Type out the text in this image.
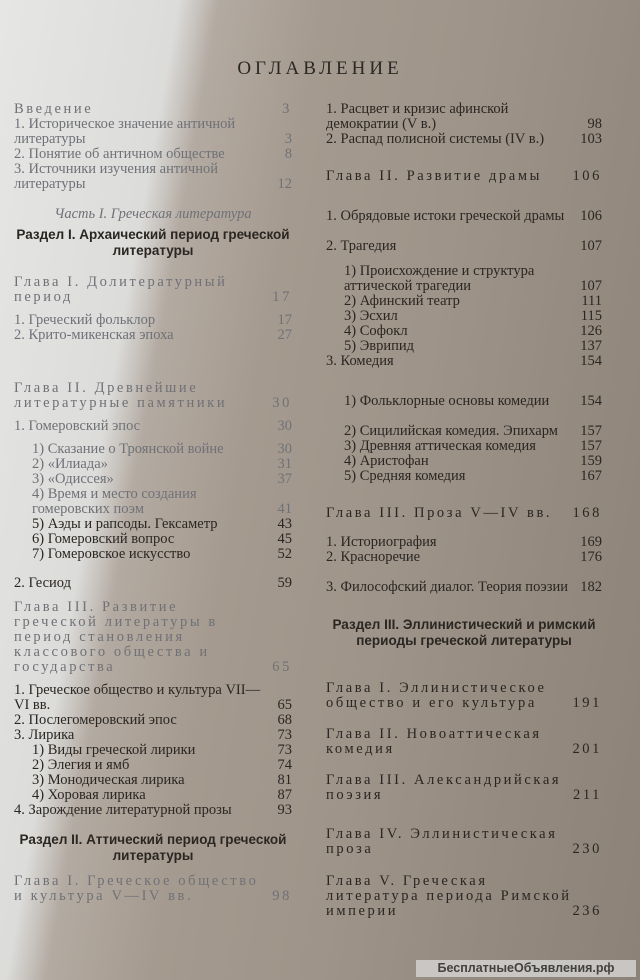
ОГЛАВЛЕНИЕ
Введение	3
1. Историческое значение античной литературы	3
2. Понятие об античном обществе	8
3. Источники изучения античной литературы	12
Часть I. Греческая литература
Раздел I. Архаический период греческой литературы
Глава I. Долитературный период	17
1. Греческий фольклор	17
2. Крито-микенская эпоха	27
Глава II. Древнейшие литературные памятники	30
1. Гомеровский эпос	30
1) Сказание о Троянской войне	30
2) «Илиада»	31
3) «Одиссея»	37
4) Время и место создания гомеровских поэм	41
5) Аэды и рапсоды. Гексаметр	43
6) Гомеровский вопрос	45
7) Гомеровское искусство	52
2. Гесиод	59
Глава III. Развитие греческой литературы в период становления классового общества и государства	65
1. Греческое общество и культура VII—VI вв.	65
2. Послегомеровский эпос	68
3. Лирика	73
1) Виды греческой лирики	73
2) Элегия и ямб	74
3) Монодическая лирика	81
4) Хоровая лирика	87
4. Зарождение литературной прозы	93
Раздел II. Аттический период греческой литературы
Глава I. Греческое общество и культура V—IV вв.	98
1. Расцвет и кризис афинской демократии (V в.)	98
2. Распад полисной системы (IV в.)	103
Глава II. Развитие драмы	106
1. Обрядовые истоки греческой драмы	106
2. Трагедия	107
1) Происхождение и структура аттической трагедии	107
2) Афинский театр	111
3) Эсхил	115
4) Софокл	126
5) Эврипид	137
3. Комедия	154
1) Фольклорные основы комедии	154
2) Сицилийская комедия. Эпихарм	157
3) Древняя аттическая комедия	157
4) Аристофан	159
5) Средняя комедия	167
Глава III. Проза V—IV вв.	168
1. Историография	169
2. Красноречие	176
3. Философский диалог. Теория поэзии 182
Раздел III. Эллинистический и римский периоды греческой литературы
Глава I. Эллинистическое общество и его культура	191
Глава II. Новоаттическая комедия	201
Глава III. Александрийская поэзия	211
Глава IV. Эллинистическая проза	230
Глава V. Греческая литература периода Римской империи	236
БесплатныеОбъявления.рф
